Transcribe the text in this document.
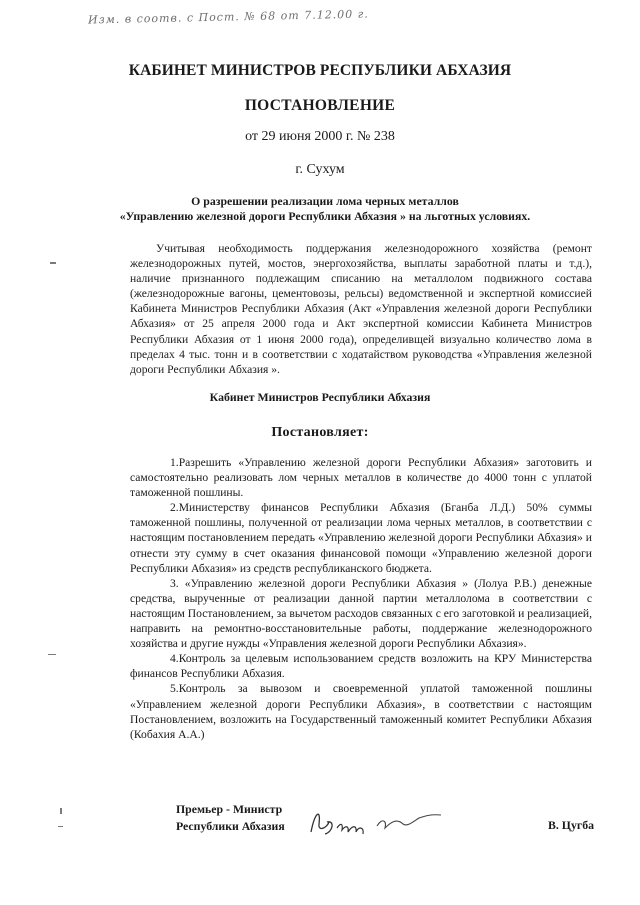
Изм. в соотв. с Пост. № 68 от 7.12.00 г.
КАБИНЕТ МИНИСТРОВ РЕСПУБЛИКИ АБХАЗИЯ
ПОСТАНОВЛЕНИЕ
от 29 июня 2000 г. № 238
г. Сухум
О разрешении реализации лома черных металлов
«Управлению железной дороги Республики Абхазия » на льготных условиях.

Учитывая необходимость поддержания железнодорожного хозяйства (ремонт железнодорожных путей, мостов, энергохозяйства, выплаты заработной платы и т.д.), наличие признанного подлежащим списанию на металлолом подвижного состава (железнодорожные вагоны, цементовозы, рельсы) ведомственной и экспертной комиссией Кабинета Министров Республики Абхазия (Акт «Управления железной дороги Республики Абхазия» от 25 апреля 2000 года и Акт экспертной комиссии Кабинета Министров Республики Абхазия от 1 июня 2000 года), определивщей визуально количество лома в пределах 4 тыс. тонн и в соответствии с ходатайством руководства «Управления железной дороги Республики Абхазия ».

Кабинет Министров Республики Абхазия
Постановляет:

1.Разрешить «Управлению железной дороги Республики Абхазия» заготовить и самостоятельно реализовать лом черных металлов в количестве до 4000 тонн с уплатой таможенной пошлины.

2.Министерству финансов Республики Абхазия (Бганба Л.Д.) 50% суммы таможенной пошлины, полученной от реализации лома черных металлов, в соответствии с настоящим постановлением передать «Управлению железной дороги Республики Абхазия» и отнести эту сумму в счет оказания финансовой помощи «Управлению железной дороги Республики Абхазия» из средств республиканского бюджета.

3. «Управлению железной дороги Республики Абхазия » (Лолуа Р.В.) денежные средства, вырученные от реализации данной партии металлолома в соответствии с настоящим Постановлением, за вычетом расходов связанных с его заготовкой и реализацией, направить на ремонтно-восстановительные работы, поддержание железнодорожного хозяйства и другие нужды «Управления железной дороги Республики Абхазия».

4.Контроль за целевым использованием средств возложить на КРУ Министерства финансов Республики Абхазия.

5.Контроль за вывозом и своевременной уплатой таможенной пошлины «Управлением железной дороги Республики Абхазия», в соответствии с настоящим Постановлением, возложить на Государственный таможенный комитет Республики Абхазия (Кобахия А.А.)

Премьер - Министр
Республики Абхазия	В. Цугба
